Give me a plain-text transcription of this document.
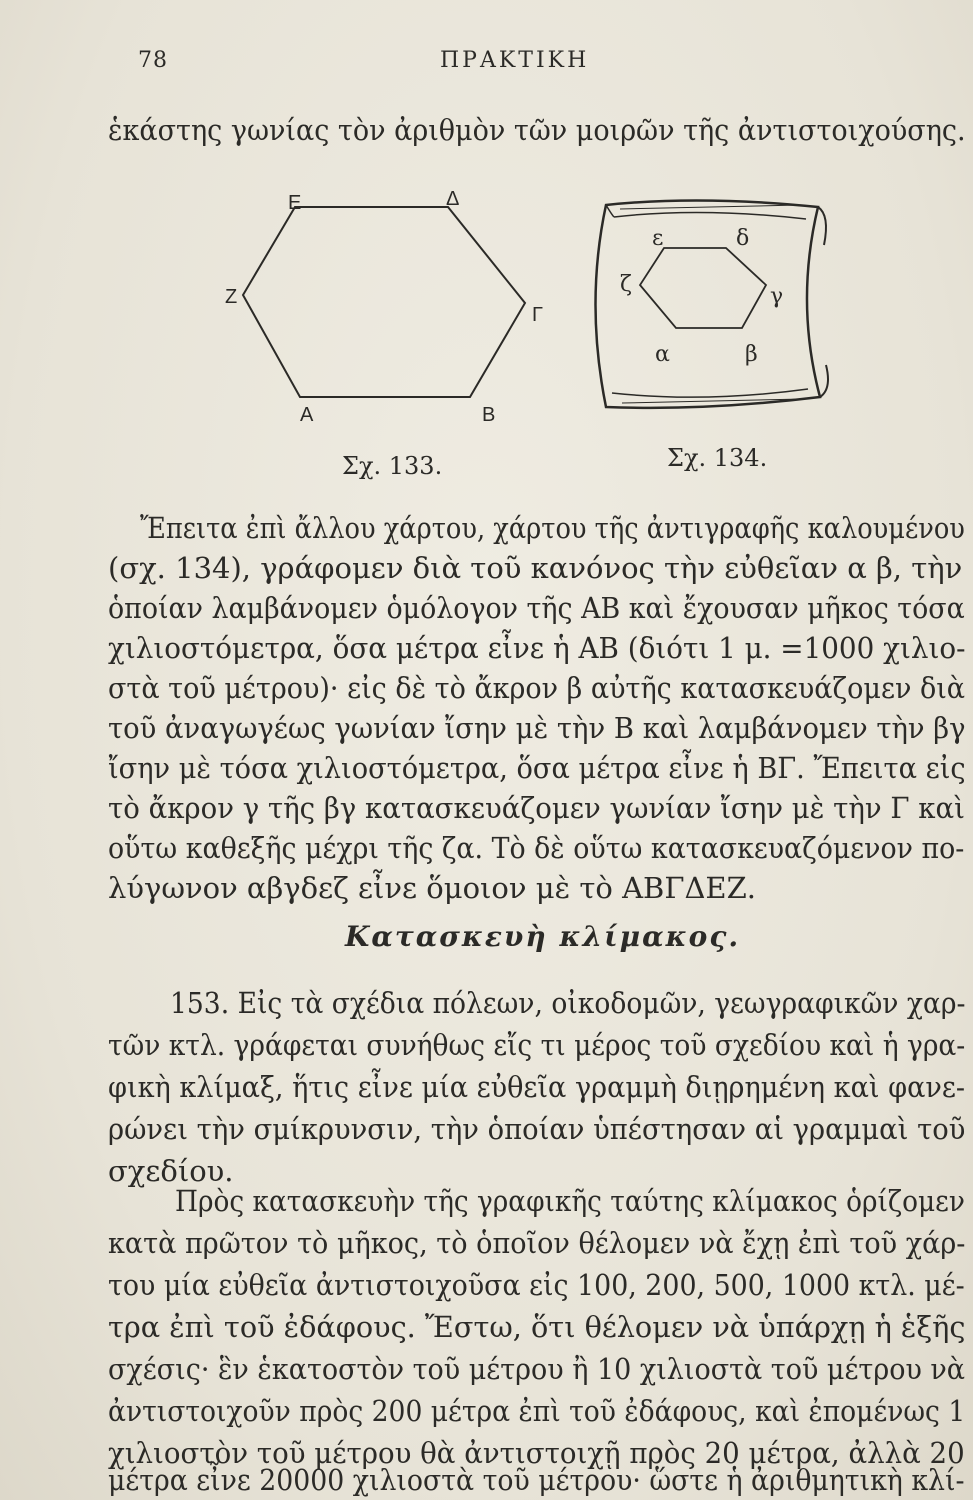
78	ΠΡΑΚΤΙΚΗ
ἑκάστης γωνίας τὸν ἀριθμὸν τῶν μοιρῶν τῆς ἀντιστοιχούσης.
Ε	Δ
Ζ
Γ
Α	Β
ε	δ
ζ	γ
α	β
Σχ. 133.	Σχ. 134.
Ἔπειτα ἐπὶ ἄλλου χάρτου, χάρτου τῆς ἀντιγραφῆς καλουμένου
(σχ. 134), γράφομεν διὰ τοῦ κανόνος τὴν εὐθεῖαν α β, τὴν
ὁποίαν λαμβάνομεν ὁμόλογον τῆς ΑΒ καὶ ἔχουσαν μῆκος τόσα
χιλιοστόμετρα, ὅσα μέτρα εἶνε ἡ ΑΒ (διότι 1 μ. =1000 χιλιο-
στὰ τοῦ μέτρου)· εἰς δὲ τὸ ἄκρον β αὐτῆς κατασκευάζομεν διὰ
τοῦ ἀναγωγέως γωνίαν ἴσην μὲ τὴν Β καὶ λαμβάνομεν τὴν βγ
ἴσην μὲ τόσα χιλιοστόμετρα, ὅσα μέτρα εἶνε ἡ ΒΓ. Ἔπειτα εἰς
τὸ ἄκρον γ τῆς βγ κατασκευάζομεν γωνίαν ἴσην μὲ τὴν Γ καὶ
οὕτω καθεξῆς μέχρι τῆς ζα. Τὸ δὲ οὕτω κατασκευαζόμενον πο-
λύγωνον αβγδεζ εἶνε ὅμοιον μὲ τὸ ΑΒΓΔΕΖ.
Κατασκευὴ κλίμακος.
153. Εἰς τὰ σχέδια πόλεων, οἰκοδομῶν, γεωγραφικῶν χαρ-
τῶν κτλ. γράφεται συνήθως εἴς τι μέρος τοῦ σχεδίου καὶ ἡ γρα-
φικὴ κλίμαξ, ἥτις εἶνε μία εὐθεῖα γραμμὴ διῃρημένη καὶ φανε-
ρώνει τὴν σμίκρυνσιν, τὴν ὁποίαν ὑπέστησαν αἱ γραμμαὶ τοῦ
σχεδίου.
Πρὸς κατασκευὴν τῆς γραφικῆς ταύτης κλίμακος ὁρίζομεν
κατὰ πρῶτον τὸ μῆκος, τὸ ὁποῖον θέλομεν νὰ ἔχῃ ἐπὶ τοῦ χάρ-
του μία εὐθεῖα ἀντιστοιχοῦσα εἰς 100, 200, 500, 1000 κτλ. μέ-
τρα ἐπὶ τοῦ ἐδάφους. Ἔστω, ὅτι θέλομεν νὰ ὑπάρχῃ ἡ ἑξῆς
σχέσις· ἓν ἑκατοστὸν τοῦ μέτρου ἢ 10 χιλιοστὰ τοῦ μέτρου νὰ
ἀντιστοιχοῦν πρὸς 200 μέτρα ἐπὶ τοῦ ἐδάφους, καὶ ἐπομένως 1
χιλιοστὸν τοῦ μέτρου θὰ ἀντιστοιχῇ πρὸς 20 μέτρα, ἀλλὰ 20
μέτρα εἶνε 20000 χιλιοστὰ τοῦ μέτρου· ὥστε ἡ ἀριθμητικὴ κλί-
